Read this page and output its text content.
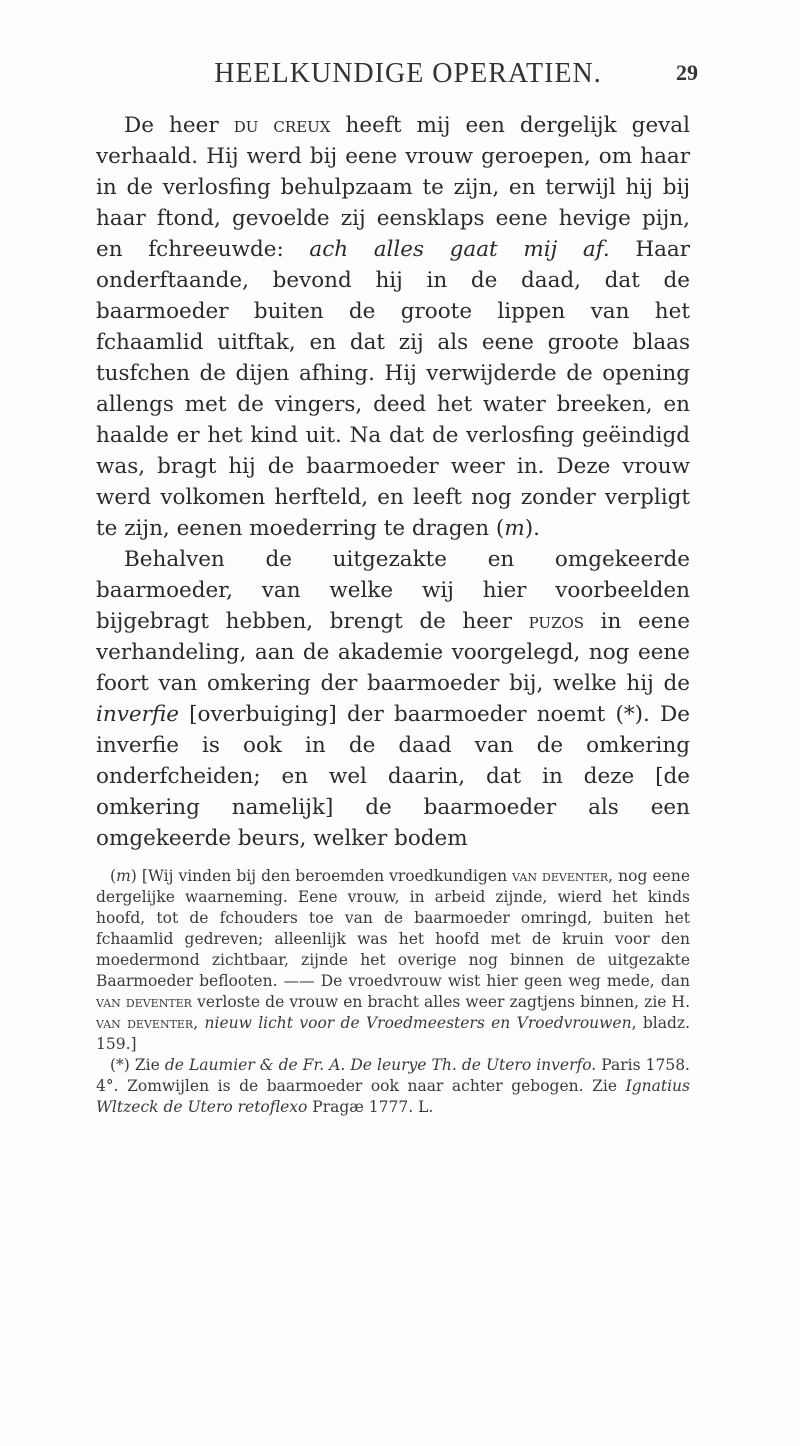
HEELKUNDIGE OPERATIEN.	29

De heer du creux heeft mij een dergelijk geval verhaald. Hij werd bij eene vrouw geroepen, om haar in de verlosfing behulpzaam te zijn, en terwijl hij bij haar ftond, gevoelde zij eensklaps eene hevige pijn, en fchreeuwde: ach alles gaat mij af. Haar onderftaande, bevond hij in de daad, dat de baarmoeder buiten de groote lippen van het fchaamlid uitftak, en dat zij als eene groote blaas tusfchen de dijen afhing. Hij verwijderde de opening allengs met de vingers, deed het water breeken, en haalde er het kind uit. Na dat de verlosfing geëindigd was, bragt hij de baarmoeder weer in. Deze vrouw werd volkomen herfteld, en leeft nog zonder verpligt te zijn, eenen moederring te dragen (m).

Behalven de uitgezakte en omgekeerde baarmoeder, van welke wij hier voorbeelden bijgebragt hebben, brengt de heer puzos in eene verhandeling, aan de akademie voorgelegd, nog eene foort van omkering der baarmoeder bij, welke hij de inverfie [overbuiging] der baarmoeder noemt (*). De inverfie is ook in de daad van de omkering onderfcheiden; en wel daarin, dat in deze [de omkering namelijk] de baarmoeder als een omgekeerde beurs, welker bodem

(m) [Wij vinden bij den beroemden vroedkundigen van deventer, nog eene dergelijke waarneming. Eene vrouw, in arbeid zijnde, wierd het kinds hoofd, tot de fchouders toe van de baarmoeder omringd, buiten het fchaamlid gedreven; alleenlijk was het hoofd met de kruin voor den moedermond zichtbaar, zijnde het overige nog binnen de uitgezakte Baarmoeder beflooten. —— De vroedvrouw wist hier geen weg mede, dan van deventer verloste de vrouw en bracht alles weer zagtjens binnen, zie H. van deventer, nieuw licht voor de Vroedmeesters en Vroedvrouwen, bladz. 159.]

(*) Zie de Laumier & de Fr. A. De leurye Th. de Utero inverfo. Paris 1758. 4°. Zomwijlen is de baarmoeder ook naar achter gebogen. Zie Ignatius Wltzeck de Utero retoflexo Pragæ 1777. L.
